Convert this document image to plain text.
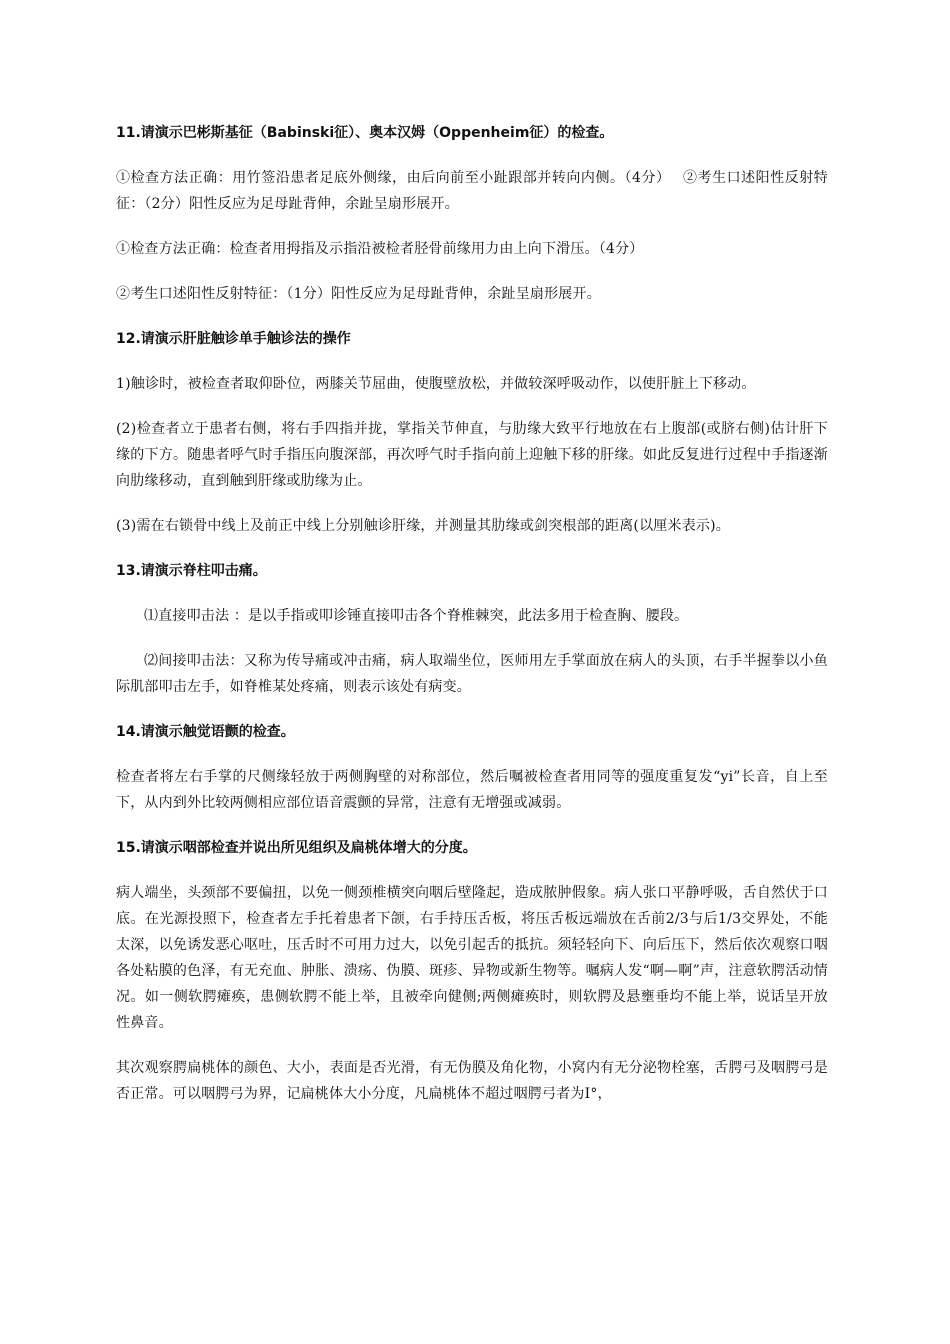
11.请演示巴彬斯基征（Babinski征）、奥本汉姆（Oppenheim征）的检查。
①检查方法正确：用竹签沿患者足底外侧缘，由后向前至小趾跟部并转向内侧。（4分）　 ②考生口述阳性反射特征：（2分）阳性反应为足母趾背伸，余趾呈扇形展开。
①检查方法正确：检查者用拇指及示指沿被检者胫骨前缘用力由上向下滑压。（4分）
②考生口述阳性反射特征：（1分）阳性反应为足母趾背伸，余趾呈扇形展开。
12.请演示肝脏触诊单手触诊法的操作
1)触诊时，被检查者取仰卧位，两膝关节屈曲，使腹壁放松，并做较深呼吸动作，以使肝脏上下移动。
(2)检查者立于患者右侧，将右手四指并拢，掌指关节伸直，与肋缘大致平行地放在右上腹部(或脐右侧)估计肝下缘的下方。随患者呼气时手指压向腹深部，再次呼气时手指向前上迎触下移的肝缘。如此反复进行过程中手指逐渐向肋缘移动，直到触到肝缘或肋缘为止。
(3)需在右锁骨中线上及前正中线上分别触诊肝缘，并测量其肋缘或剑突根部的距离(以厘米表示)。
13.请演示脊柱叩击痛。
⑴直接叩击法 ：是以手指或叩诊锤直接叩击各个脊椎棘突，此法多用于检查胸、腰段。
⑵间接叩击法：又称为传导痛或冲击痛，病人取端坐位，医师用左手掌面放在病人的头顶，右手半握拳以小鱼际肌部叩击左手，如脊椎某处疼痛，则表示该处有病变。
14.请演示触觉语颤的检查。
检查者将左右手掌的尺侧缘轻放于两侧胸壁的对称部位，然后嘱被检查者用同等的强度重复发“yi”长音，自上至下，从内到外比较两侧相应部位语音震颤的异常，注意有无增强或减弱。
15.请演示咽部检查并说出所见组织及扁桃体增大的分度。
病人端坐，头颈部不要偏扭，以免一侧颈椎横突向咽后壁隆起，造成脓肿假象。病人张口平静呼吸，舌自然伏于口底。在光源投照下，检查者左手托着患者下颌，右手持压舌板，将压舌板远端放在舌前2/3与后1/3交界处，不能太深，以免诱发恶心呕吐，压舌时不可用力过大，以免引起舌的抵抗。须轻轻向下、向后压下，然后依次观察口咽各处粘膜的色泽，有无充血、肿胀、溃疡、伪膜、斑疹、异物或新生物等。嘱病人发“啊—啊”声，注意软腭活动情况。如一侧软腭瘫痪，患侧软腭不能上举，且被牵向健侧;两侧瘫痪时，则软腭及悬壅垂均不能上举，说话呈开放性鼻音。
其次观察腭扁桃体的颜色、大小，表面是否光滑，有无伪膜及角化物，小窝内有无分泌物栓塞，舌腭弓及咽腭弓是否正常。可以咽腭弓为界，记扁桃体大小分度，凡扁桃体不超过咽腭弓者为Ⅰ°，
